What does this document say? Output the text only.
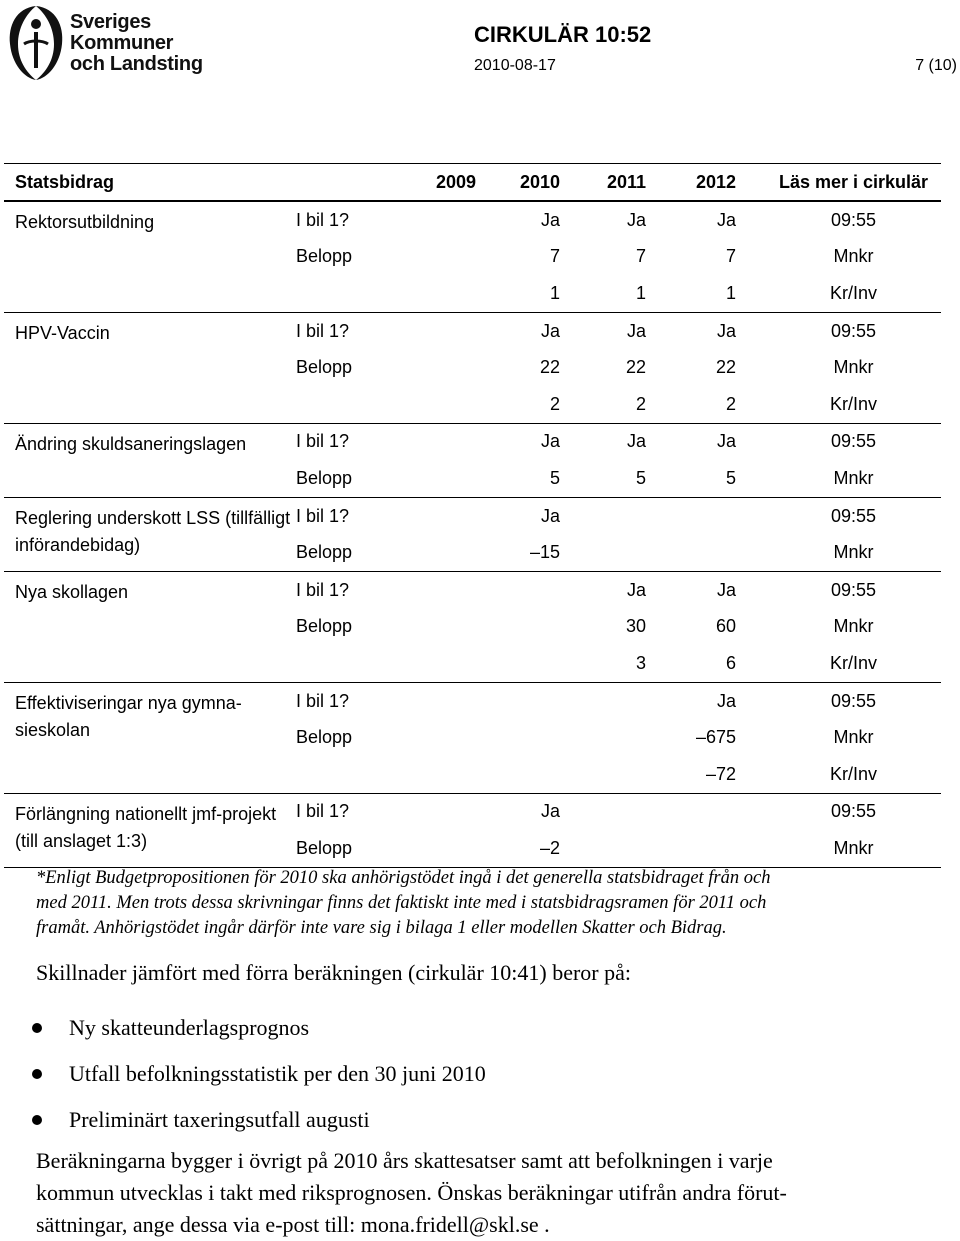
Sveriges
Kommuner
och Landsting
CIRKULÄR 10:52
2010-08-17	7 (10)
Statsbidrag		2009	2010	2011	2012	Läs mer i cirkulär
Rektorsutbildning	I bil 1?		Ja	Ja	Ja	09:55
	Belopp		7	7	7	Mnkr
			1	1	1	Kr/Inv
HPV-Vaccin	I bil 1?		Ja	Ja	Ja	09:55
	Belopp		22	22	22	Mnkr
			2	2	2	Kr/Inv
Ändring skuldsaneringslagen	I bil 1?		Ja	Ja	Ja	09:55
	Belopp		5	5	5	Mnkr
Reglering underskott LSS (tillfälligt införandebidag)	I bil 1?		Ja			09:55
	Belopp		–15			Mnkr
Nya skollagen	I bil 1?			Ja	Ja	09:55
	Belopp			30	60	Mnkr
				3	6	Kr/Inv
Effektiviseringar nya gymna-sieskolan	I bil 1?				Ja	09:55
	Belopp				–675	Mnkr
					–72	Kr/Inv
Förlängning nationellt jmf-projekt (till anslaget 1:3)	I bil 1?		Ja			09:55
	Belopp		–2			Mnkr
*Enligt Budgetpropositionen för 2010 ska anhörigstödet ingå i det generella statsbidraget från och
med 2011. Men trots dessa skrivningar finns det faktiskt inte med i statsbidragsramen för 2011 och
framåt. Anhörigstödet ingår därför inte vare sig i bilaga 1 eller modellen Skatter och Bidrag.
Skillnader jämfört med förra beräkningen (cirkulär 10:41) beror på:
Ny skatteunderlagsprognos
Utfall befolkningsstatistik per den 30 juni 2010
Preliminärt taxeringsutfall augusti
Beräkningarna bygger i övrigt på 2010 års skattesatser samt att befolkningen i varje
kommun utvecklas i takt med riksprognosen. Önskas beräkningar utifrån andra förut-
sättningar, ange dessa via e-post till: mona.fridell@skl.se .
